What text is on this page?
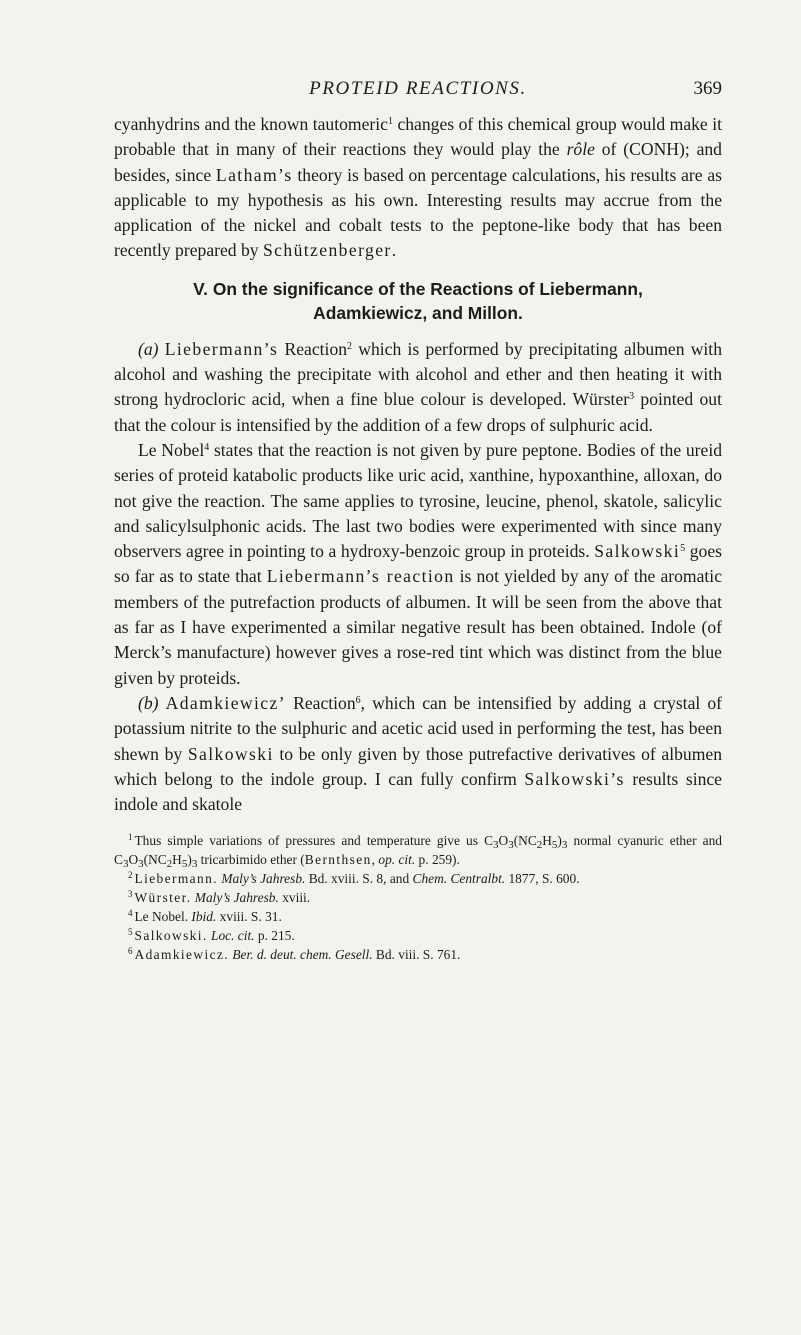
PROTEID REACTIONS.	369

cyanhydrins and the known tautomeric$^1$ changes of this chemical group would make it probable that in many of their reactions they would play the rôle of (CONH); and besides, since Latham’s theory is based on percentage calculations, his results are as applicable to my hypothesis as his own. Interesting results may accrue from the application of the nickel and cobalt tests to the peptone-like body that has been recently prepared by Schützenberger.

V. On the significance of the Reactions of Liebermann,
Adamkiewicz, and Millon.

(a) Liebermann’s Reaction$^2$ which is performed by precipitating albumen with alcohol and washing the precipitate with alcohol and ether and then heating it with strong hydrocloric acid, when a fine blue colour is developed. Würster$^3$ pointed out that the colour is intensified by the addition of a few drops of sulphuric acid.

Le Nobel$^4$ states that the reaction is not given by pure peptone. Bodies of the ureid series of proteid katabolic products like uric acid, xanthine, hypoxanthine, alloxan, do not give the reaction. The same applies to tyrosine, leucine, phenol, skatole, salicylic and salicylsulphonic acids. The last two bodies were experimented with since many observers agree in pointing to a hydroxy-benzoic group in proteids. Salkowski$^5$ goes so far as to state that Liebermann’s reaction is not yielded by any of the aromatic members of the putrefaction products of albumen. It will be seen from the above that as far as I have experimented a similar negative result has been obtained. Indole (of Merck’s manufacture) however gives a rose-red tint which was distinct from the blue given by proteids.

(b) Adamkiewicz’ Reaction$^6$, which can be intensified by adding a crystal of potassium nitrite to the sulphuric and acetic acid used in performing the test, has been shewn by Salkowski to be only given by those putrefactive derivatives of albumen which belong to the indole group. I can fully confirm Salkowski’s results since indole and skatole

$^1$ Thus simple variations of pressures and temperature give us $C_3O_3(NC_2H_5)_3$ normal cyanuric ether and $C_3O_3(NC_2H_5)_3$ tricarbimido ether (Bernthsen, op. cit. p. 259).

$^2$ Liebermann. Maly’s Jahresb. Bd. xviii. S. 8, and Chem. Centralbt. 1877, S. 600.

$^3$ Würster. Maly’s Jahresb. xviii.

$^4$ Le Nobel. Ibid. xviii. S. 31.

$^5$ Salkowski. Loc. cit. p. 215.

$^6$ Adamkiewicz. Ber. d. deut. chem. Gesell. Bd. viii. S. 761.
